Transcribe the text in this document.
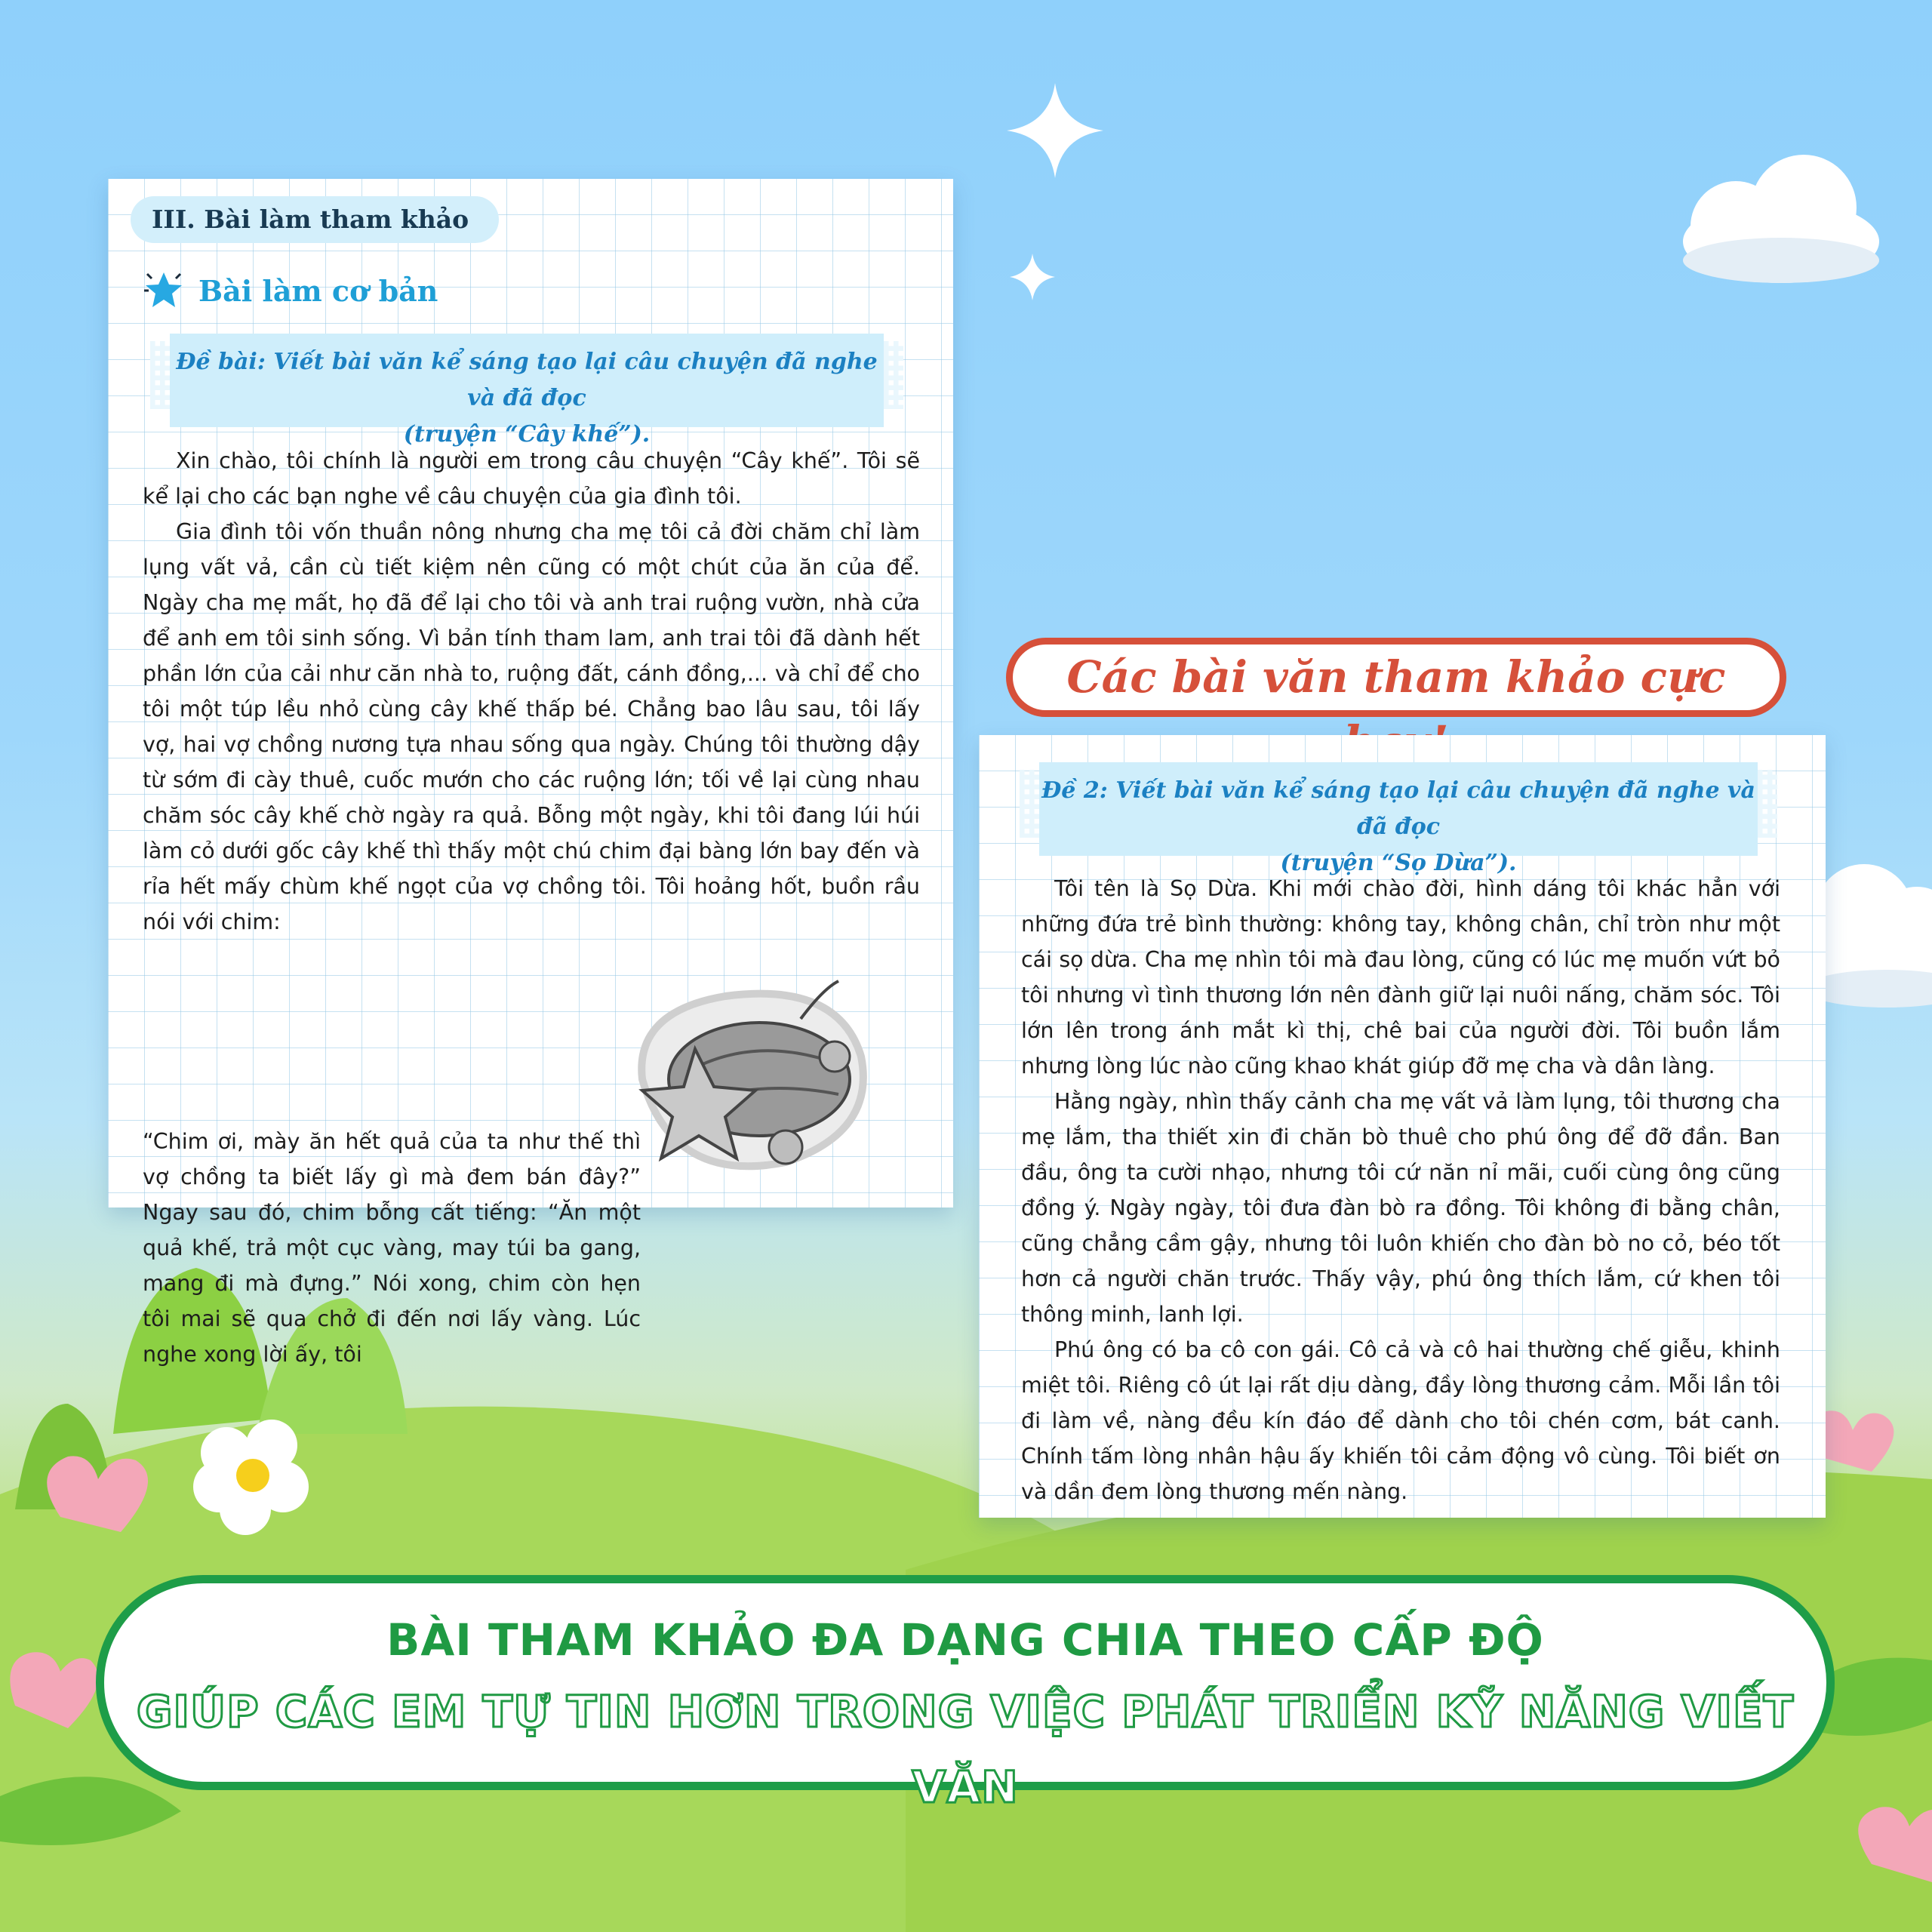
III. Bài làm tham khảo
Bài làm cơ bản
Đề bài: Viết bài văn kể sáng tạo lại câu chuyện đã nghe và đã đọc
(truyện “Cây khế”).

Xin chào, tôi chính là người em trong câu chuyện “Cây khế”. Tôi sẽ kể lại cho các bạn nghe về câu chuyện của gia đình tôi.

Gia đình tôi vốn thuần nông nhưng cha mẹ tôi cả đời chăm chỉ làm lụng vất vả, cần cù tiết kiệm nên cũng có một chút của ăn của để. Ngày cha mẹ mất, họ đã để lại cho tôi và anh trai ruộng vườn, nhà cửa để anh em tôi sinh sống. Vì bản tính tham lam, anh trai tôi đã dành hết phần lớn của cải như căn nhà to, ruộng đất, cánh đồng,... và chỉ để cho tôi một túp lều nhỏ cùng cây khế thấp bé. Chẳng bao lâu sau, tôi lấy vợ, hai vợ chồng nương tựa nhau sống qua ngày. Chúng tôi thường dậy từ sớm đi cày thuê, cuốc mướn cho các ruộng lớn; tối về lại cùng nhau chăm sóc cây khế chờ ngày ra quả. Bỗng một ngày, khi tôi đang lúi húi làm cỏ dưới gốc cây khế thì thấy một chú chim đại bàng lớn bay đến và rỉa hết mấy chùm khế ngọt của vợ chồng tôi. Tôi hoảng hốt, buồn rầu nói với chim:

“Chim ơi, mày ăn hết quả của ta như thế thì vợ chồng ta biết lấy gì mà đem bán đây?” Ngay sau đó, chim bỗng cất tiếng: “Ăn một quả khế, trả một cục vàng, may túi ba gang, mang đi mà đựng.” Nói xong, chim còn hẹn tôi mai sẽ qua chở đi đến nơi lấy vàng. Lúc nghe xong lời ấy, tôi

Các bài văn tham khảo cực
Đề 2: Viết bài văn kể sáng tạo lại câu chuyện đã nghe và đã đọc
(truyện “Sọ Dừa”).

Tôi tên là Sọ Dừa. Khi mới chào đời, hình dáng tôi khác hẳn với những đứa trẻ bình thường: không tay, không chân, chỉ tròn như một cái sọ dừa. Cha mẹ nhìn tôi mà đau lòng, cũng có lúc mẹ muốn vứt bỏ tôi nhưng vì tình thương lớn nên đành giữ lại nuôi nấng, chăm sóc. Tôi lớn lên trong ánh mắt kì thị, chê bai của người đời. Tôi buồn lắm nhưng lòng lúc nào cũng khao khát giúp đỡ mẹ cha và dân làng.

Hằng ngày, nhìn thấy cảnh cha mẹ vất vả làm lụng, tôi thương cha mẹ lắm, tha thiết xin đi chăn bò thuê cho phú ông để đỡ đần. Ban đầu, ông ta cười nhạo, nhưng tôi cứ năn nỉ mãi, cuối cùng ông cũng đồng ý. Ngày ngày, tôi đưa đàn bò ra đồng. Tôi không đi bằng chân, cũng chẳng cầm gậy, nhưng tôi luôn khiến cho đàn bò no cỏ, béo tốt hơn cả người chăn trước. Thấy vậy, phú ông thích lắm, cứ khen tôi thông minh, lanh lợi.

Phú ông có ba cô con gái. Cô cả và cô hai thường chế giễu, khinh miệt tôi. Riêng cô út lại rất dịu dàng, đầy lòng thương cảm. Mỗi lần tôi đi làm về, nàng đều kín đáo để dành cho tôi chén cơm, bát canh. Chính tấm lòng nhân hậu ấy khiến tôi cảm động vô cùng. Tôi biết ơn và dần đem lòng thương mến nàng.

BÀI THAM KHẢO ĐA DẠNG CHIA THEO CẤP ĐỘ
GIÚP CÁC EM TỰ TIN HƠN TRONG VIỆC PHÁT TRIỂN KỸ NĂNG VIẾT VĂN
